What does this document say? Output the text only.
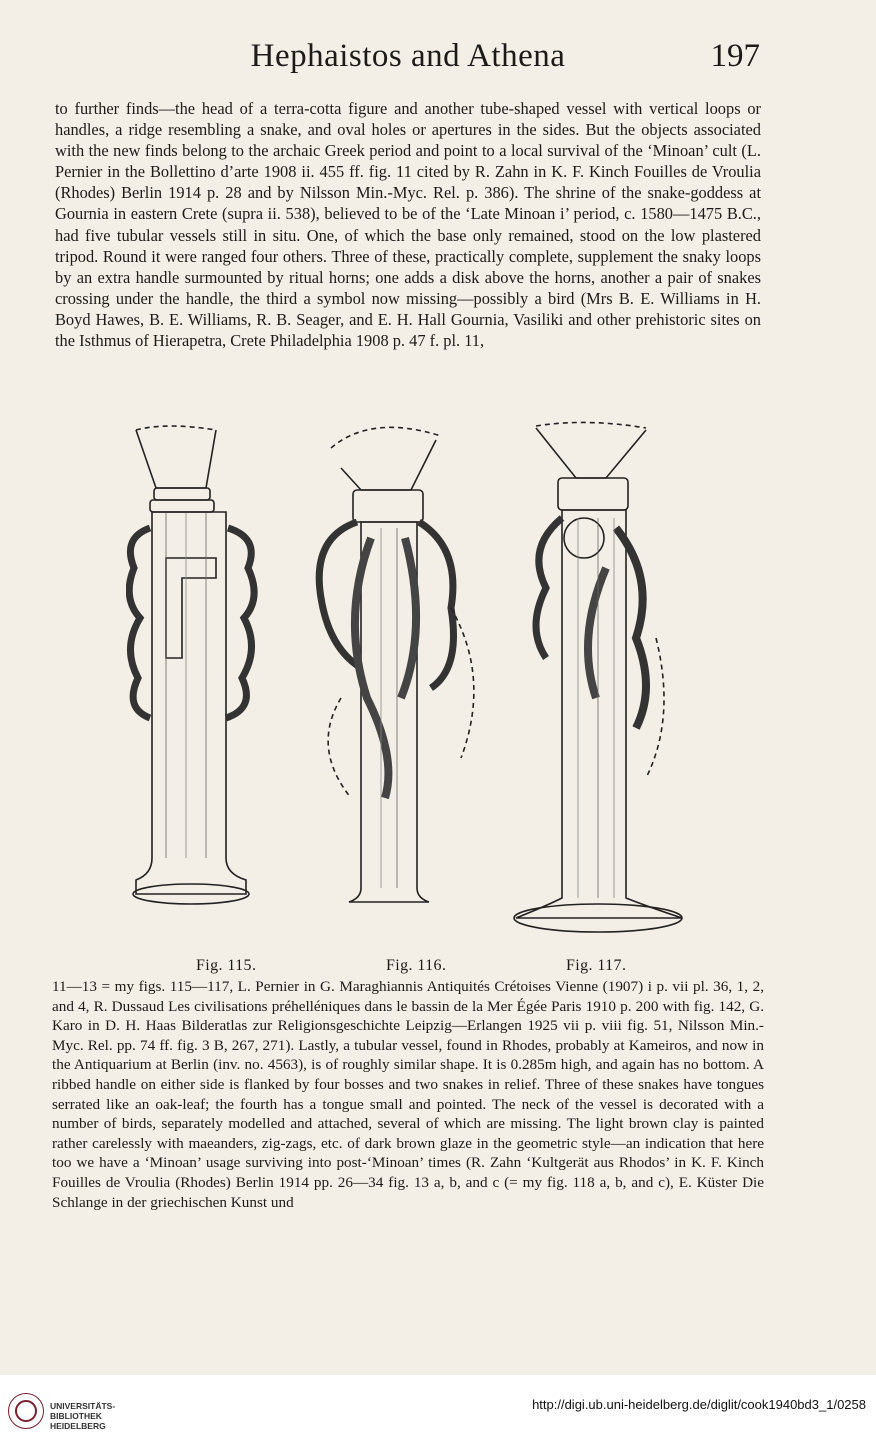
Hephaistos and Athena	197

to further finds—the head of a terra-cotta figure and another tube-shaped vessel with vertical loops or handles, a ridge resembling a snake, and oval holes or apertures in the sides. But the objects associated with the new finds belong to the archaic Greek period and point to a local survival of the ‘Minoan’ cult (L. Pernier in the Bollettino d’arte 1908 ii. 455 ff. fig. 11 cited by R. Zahn in K. F. Kinch Fouilles de Vroulia (Rhodes) Berlin 1914 p. 28 and by Nilsson Min.-Myc. Rel. p. 386). The shrine of the snake-goddess at Gournia in eastern Crete (supra ii. 538), believed to be of the ‘Late Minoan i’ period, c. 1580—1475 B.C., had five tubular vessels still in situ. One, of which the base only remained, stood on the low plastered tripod. Round it were ranged four others. Three of these, practically complete, supplement the snaky loops by an extra handle surmounted by ritual horns; one adds a disk above the horns, another a pair of snakes crossing under the handle, the third a symbol now missing—possibly a bird (Mrs B. E. Williams in H. Boyd Hawes, B. E. Williams, R. B. Seager, and E. H. Hall Gournia, Vasiliki and other prehistoric sites on the Isthmus of Hierapetra, Crete Philadelphia 1908 p. 47 f. pl. 11,

Fig. 115.	Fig. 116.	Fig. 117.

11—13 = my figs. 115—117, L. Pernier in G. Maraghiannis Antiquités Crétoises Vienne (1907) i p. vii pl. 36, 1, 2, and 4, R. Dussaud Les civilisations préhelléniques dans le bassin de la Mer Égée Paris 1910 p. 200 with fig. 142, G. Karo in D. H. Haas Bilderatlas zur Religionsgeschichte Leipzig—Erlangen 1925 vii p. viii fig. 51, Nilsson Min.-Myc. Rel. pp. 74 ff. fig. 3 B, 267, 271). Lastly, a tubular vessel, found in Rhodes, probably at Kameiros, and now in the Antiquarium at Berlin (inv. no. 4563), is of roughly similar shape. It is 0.285m high, and again has no bottom. A ribbed handle on either side is flanked by four bosses and two snakes in relief. Three of these snakes have tongues serrated like an oak-leaf; the fourth has a tongue small and pointed. The neck of the vessel is decorated with a number of birds, separately modelled and attached, several of which are missing. The light brown clay is painted rather carelessly with maeanders, zig-zags, etc. of dark brown glaze in the geometric style—an indication that here too we have a ‘Minoan’ usage surviving into post-‘Minoan’ times (R. Zahn ‘Kultgerät aus Rhodos’ in K. F. Kinch Fouilles de Vroulia (Rhodes) Berlin 1914 pp. 26—34 fig. 13 a, b, and c (= my fig. 118 a, b, and c), E. Küster Die Schlange in der griechischen Kunst und

UNIVERSITÄTS-
BIBLIOTHEK
HEIDELBERG
http://digi.ub.uni-heidelberg.de/diglit/cook1940bd3_1/0258
